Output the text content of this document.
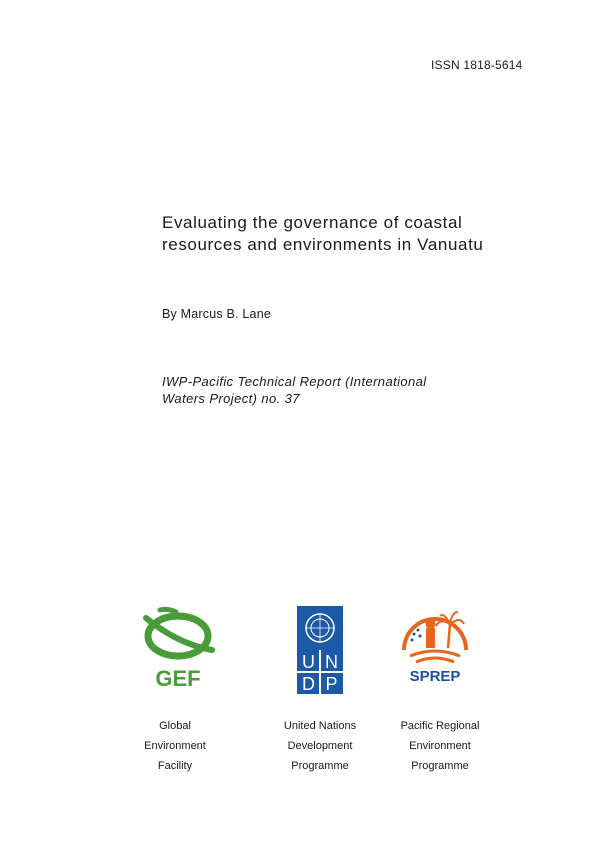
ISSN 1818-5614
Evaluating the governance of coastal
resources and environments in Vanuatu
By Marcus B. Lane
IWP-Pacific Technical Report (International
Waters Project) no. 37
GEF
U N
D P	SPREP
Global
Environment
Facility
United Nations
Development
Programme
Pacific Regional
Environment
Programme
